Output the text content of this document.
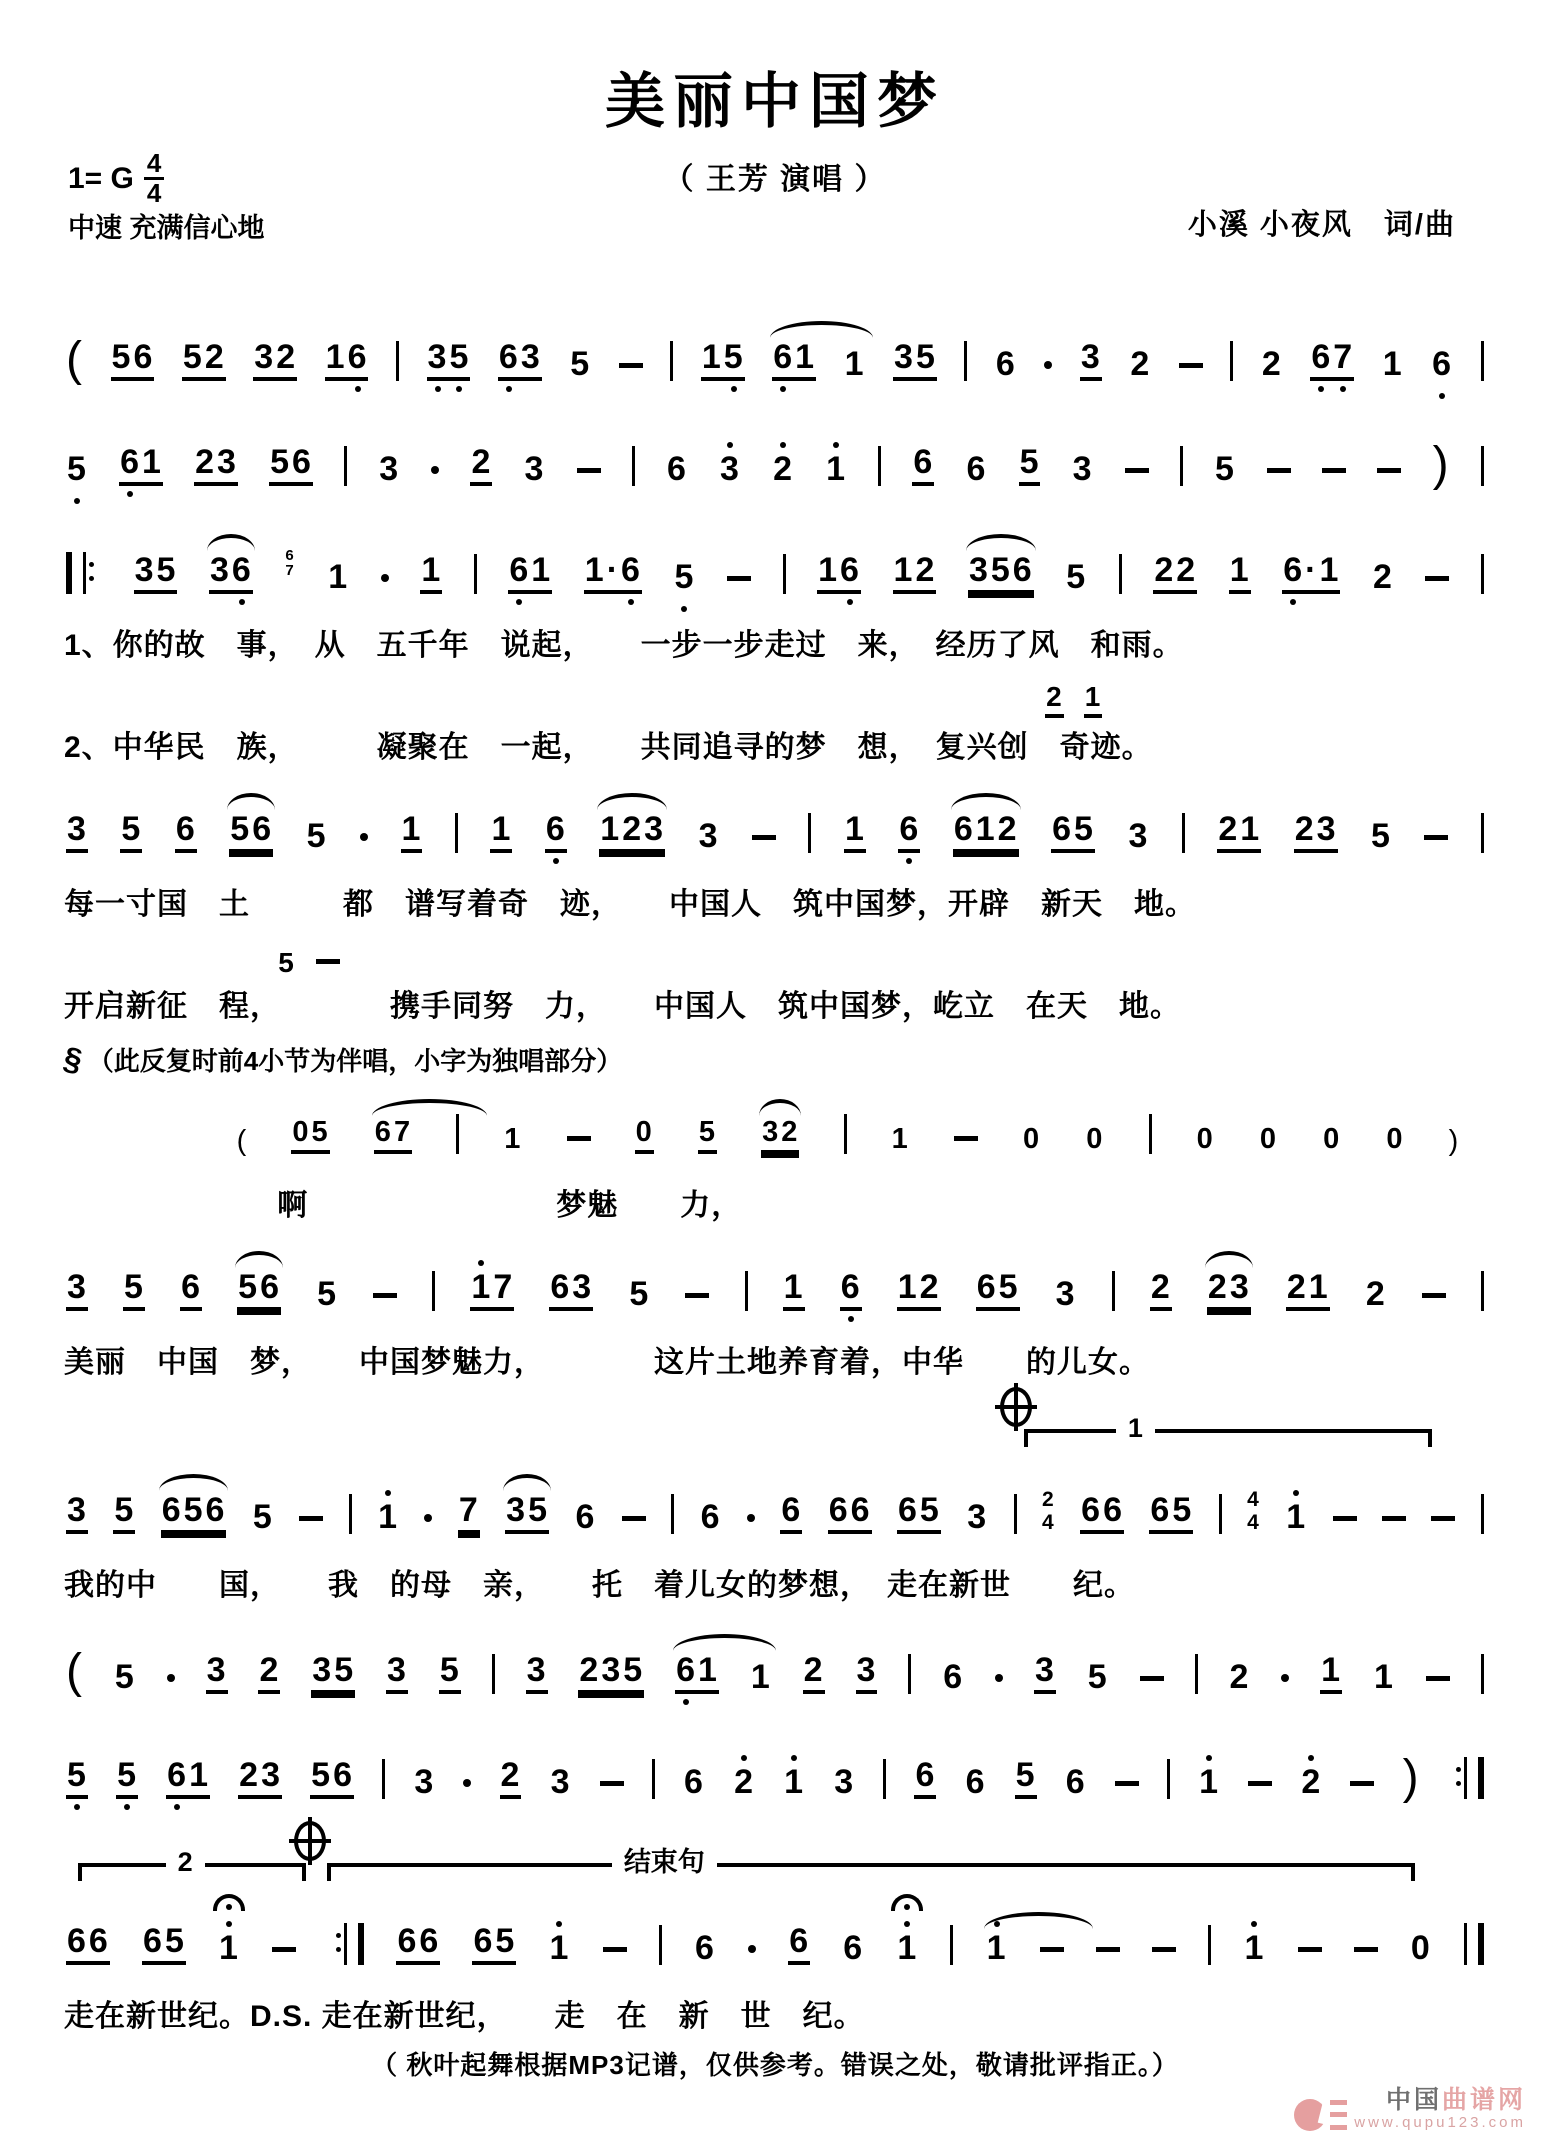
美丽中国梦
（ 王芳 演唱 ）
1= G 4
4
中速 充满信心地	小溪 小夜风　词/曲
( 5 6 5 2 3 2 1 6 3 5 6 3 5	1 5 6 1 1 3 5 6 3 2	2 6 7 1 6
5 6 1 2 3 5 6 3 2 3	6 3 2 1 6 6 5 3	5	)
3 5 3 6 6
7 1 1 6 1 1 · 6 5	1 6 1 2 3 5 6 5 2 2 1 6 · 1 2
1、你的故　事，　从　五千年　说起，　　一步一步走过　来，　经历了风　和雨。
2 1
2、中华民　族，　　　凝聚在　一起，　　共同追寻的梦　想，　复兴创　奇迹。
3 5 6 5 6 5 1 1 6 1 2 3 3	1 6 6 1 2 6 5 3 2 1 2 3 5
每一寸国　土　　　都　谱写着奇　迹，　　中国人　筑中国梦，开辟　新天　地。
5
开启新征　程，　　　　携手同努　力，　　中国人　筑中国梦，屹立　在天　地。
§ （此反复时前4小节为伴唱，小字为独唱部分）
( 0 5 6 7	1	0 5 3 2	1	0 0	0 0 0 0 )
啊　　　　　　　　梦魅　　力，
3 5 6 5 6 5	1 7 6 3 5	1 6 1 2 6 5 3 2 2 3 2 1 2
美丽　中国　梦，　　中国梦魅力，　　　　这片土地养育着，中华　　的儿女。
1
3 5 6 5 6 5	1 7 3 5 6	6 6 6 6 6 5 3	2
4 6 6 6 5	4
4 1
我的中　　国，　　我　的母　亲，　　托　着儿女的梦想，　走在新世　　纪。
( 5 3 2 3 5 3 5 3 2 3 5 6 1 1 2 3 6 3 5	2 1 1
5 5 6 1 2 3 5 6 3 2 3	6 2 1 3 6 6 5 6	1 2 )
2	结束句
6 6 6 5 1	6 6 6 5 1	6 6 6 1 1	1	0
走在新世纪。D.S. 走在新世纪，　　走　在　新　世　纪。
（ 秋叶起舞根据MP3记谱，仅供参考。错误之处，敬请批评指正。）
中国曲谱网
www.qupu123.com
